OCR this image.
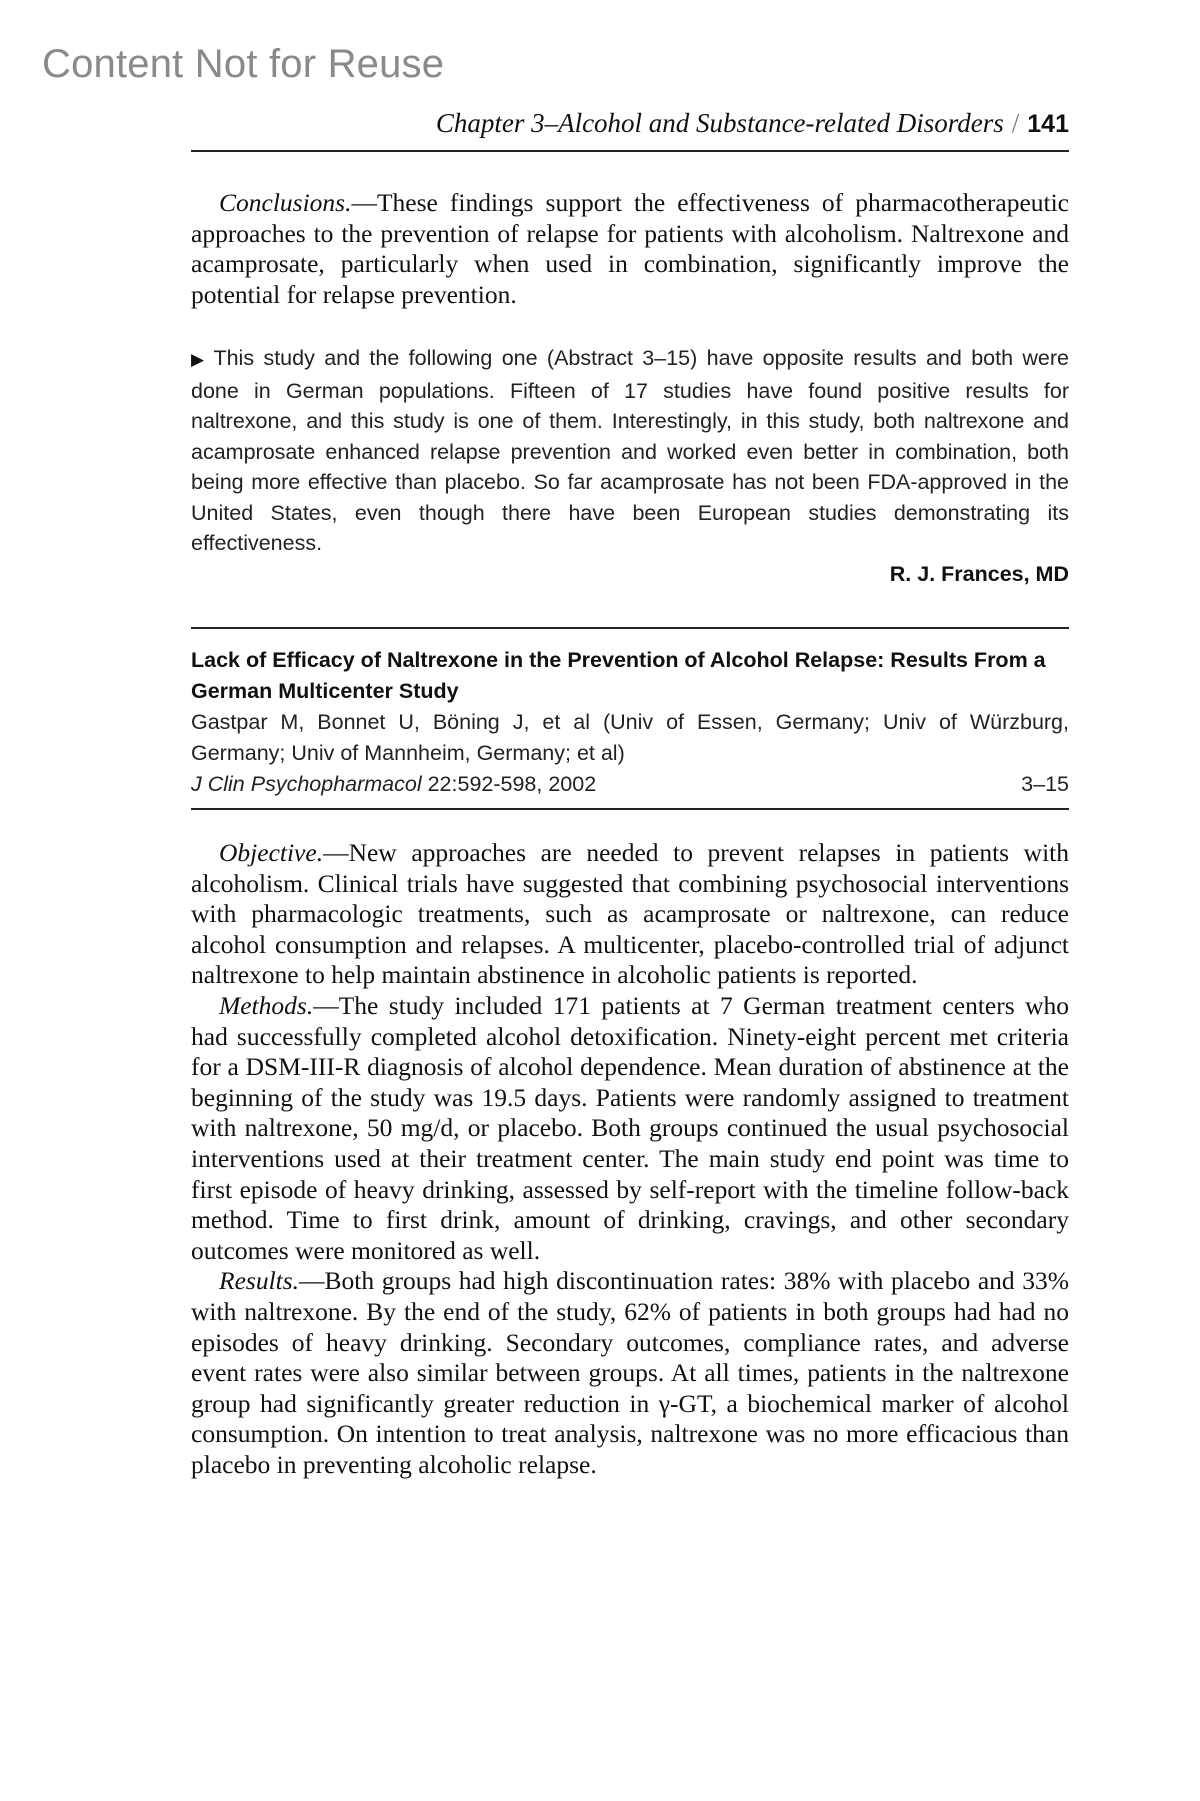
Content Not for Reuse
Chapter 3–Alcohol and Substance-related Disorders / 141

Conclusions.—These findings support the effectiveness of pharmacotherapeutic approaches to the prevention of relapse for patients with alcoholism. Naltrexone and acamprosate, particularly when used in combination, significantly improve the potential for relapse prevention.

▶ This study and the following one (Abstract 3–15) have opposite results and both were done in German populations. Fifteen of 17 studies have found positive results for naltrexone, and this study is one of them. Interestingly, in this study, both naltrexone and acamprosate enhanced relapse prevention and worked even better in combination, both being more effective than placebo. So far acamprosate has not been FDA-approved in the United States, even though there have been European studies demonstrating its effectiveness.
R. J. Frances, MD
Lack of Efficacy of Naltrexone in the Prevention of Alcohol Relapse: Results From a German Multicenter Study
Gastpar M, Bonnet U, Böning J, et al (Univ of Essen, Germany; Univ of Würzburg, Germany; Univ of Mannheim, Germany; et al)
J Clin Psychopharmacol 22:592-598, 2002	3–15

Objective.—New approaches are needed to prevent relapses in patients with alcoholism. Clinical trials have suggested that combining psychosocial interventions with pharmacologic treatments, such as acamprosate or naltrexone, can reduce alcohol consumption and relapses. A multicenter, placebo-controlled trial of adjunct naltrexone to help maintain abstinence in alcoholic patients is reported.

Methods.—The study included 171 patients at 7 German treatment centers who had successfully completed alcohol detoxification. Ninety-eight percent met criteria for a DSM-III-R diagnosis of alcohol dependence. Mean duration of abstinence at the beginning of the study was 19.5 days. Patients were randomly assigned to treatment with naltrexone, 50 mg/d, or placebo. Both groups continued the usual psychosocial interventions used at their treatment center. The main study end point was time to first episode of heavy drinking, assessed by self-report with the timeline follow-back method. Time to first drink, amount of drinking, cravings, and other secondary outcomes were monitored as well.

Results.—Both groups had high discontinuation rates: 38% with placebo and 33% with naltrexone. By the end of the study, 62% of patients in both groups had had no episodes of heavy drinking. Secondary outcomes, compliance rates, and adverse event rates were also similar between groups. At all times, patients in the naltrexone group had significantly greater reduction in γ-GT, a biochemical marker of alcohol consumption. On intention to treat analysis, naltrexone was no more efficacious than placebo in preventing alcoholic relapse.
